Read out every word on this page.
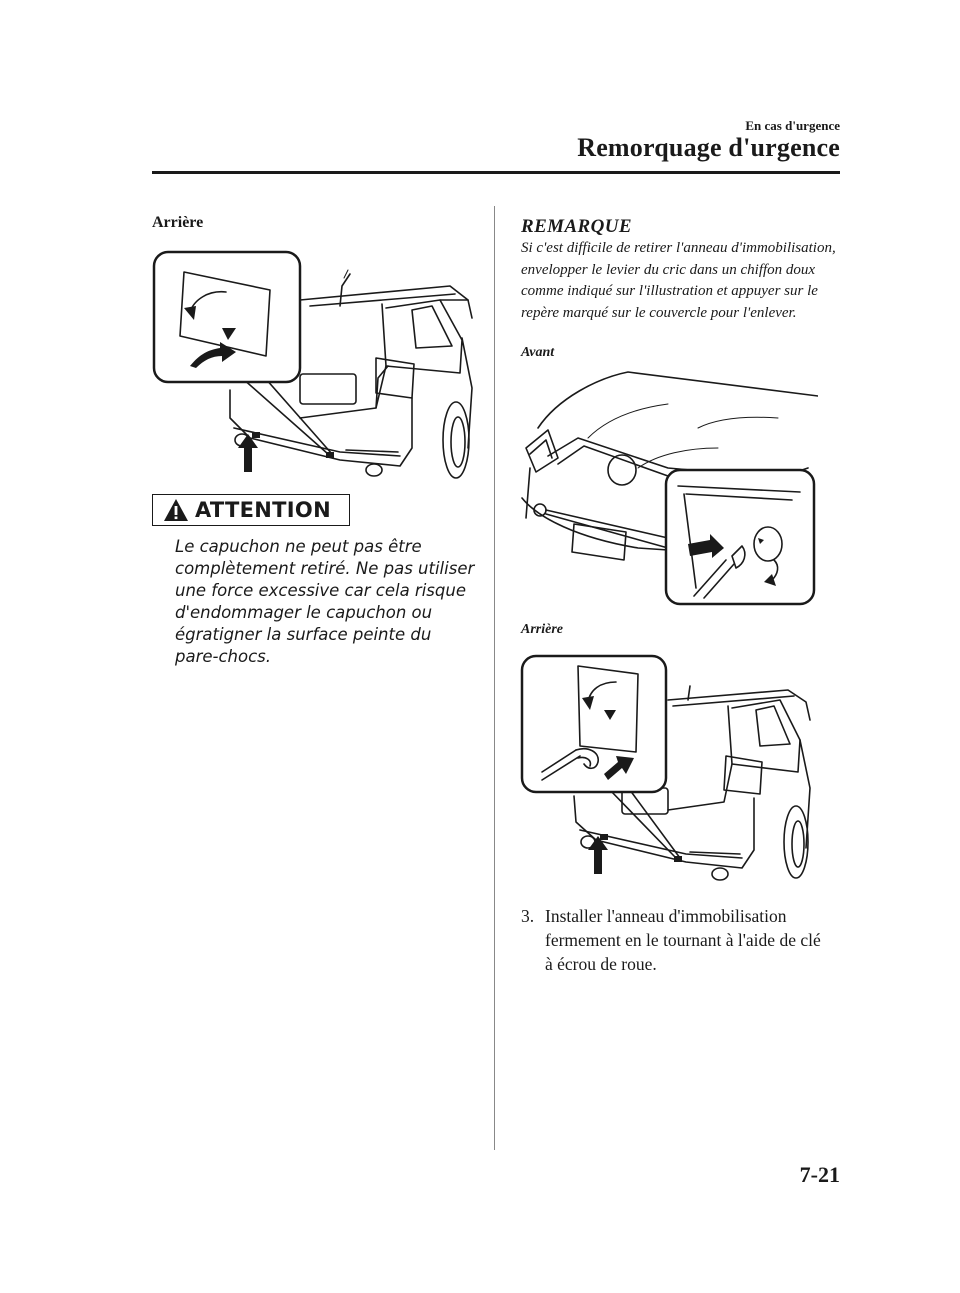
En cas d'urgence
Remorquage d'urgence
Arrière
ATTENTION
Le capuchon ne peut pas être complètement retiré. Ne pas utiliser une force excessive car cela risque d'endommager le capuchon ou égratigner la surface peinte du pare-chocs.
REMARQUE
Si c'est difficile de retirer l'anneau d'immobilisation, envelopper le levier du cric dans un chiffon doux comme indiqué sur l'illustration et appuyer sur le repère marqué sur le couvercle pour l'enlever.
Avant
Arrière
3. Installer l'anneau d'immobilisation
fermement en le tournant à l'aide de clé
à écrou de roue.
7-21
